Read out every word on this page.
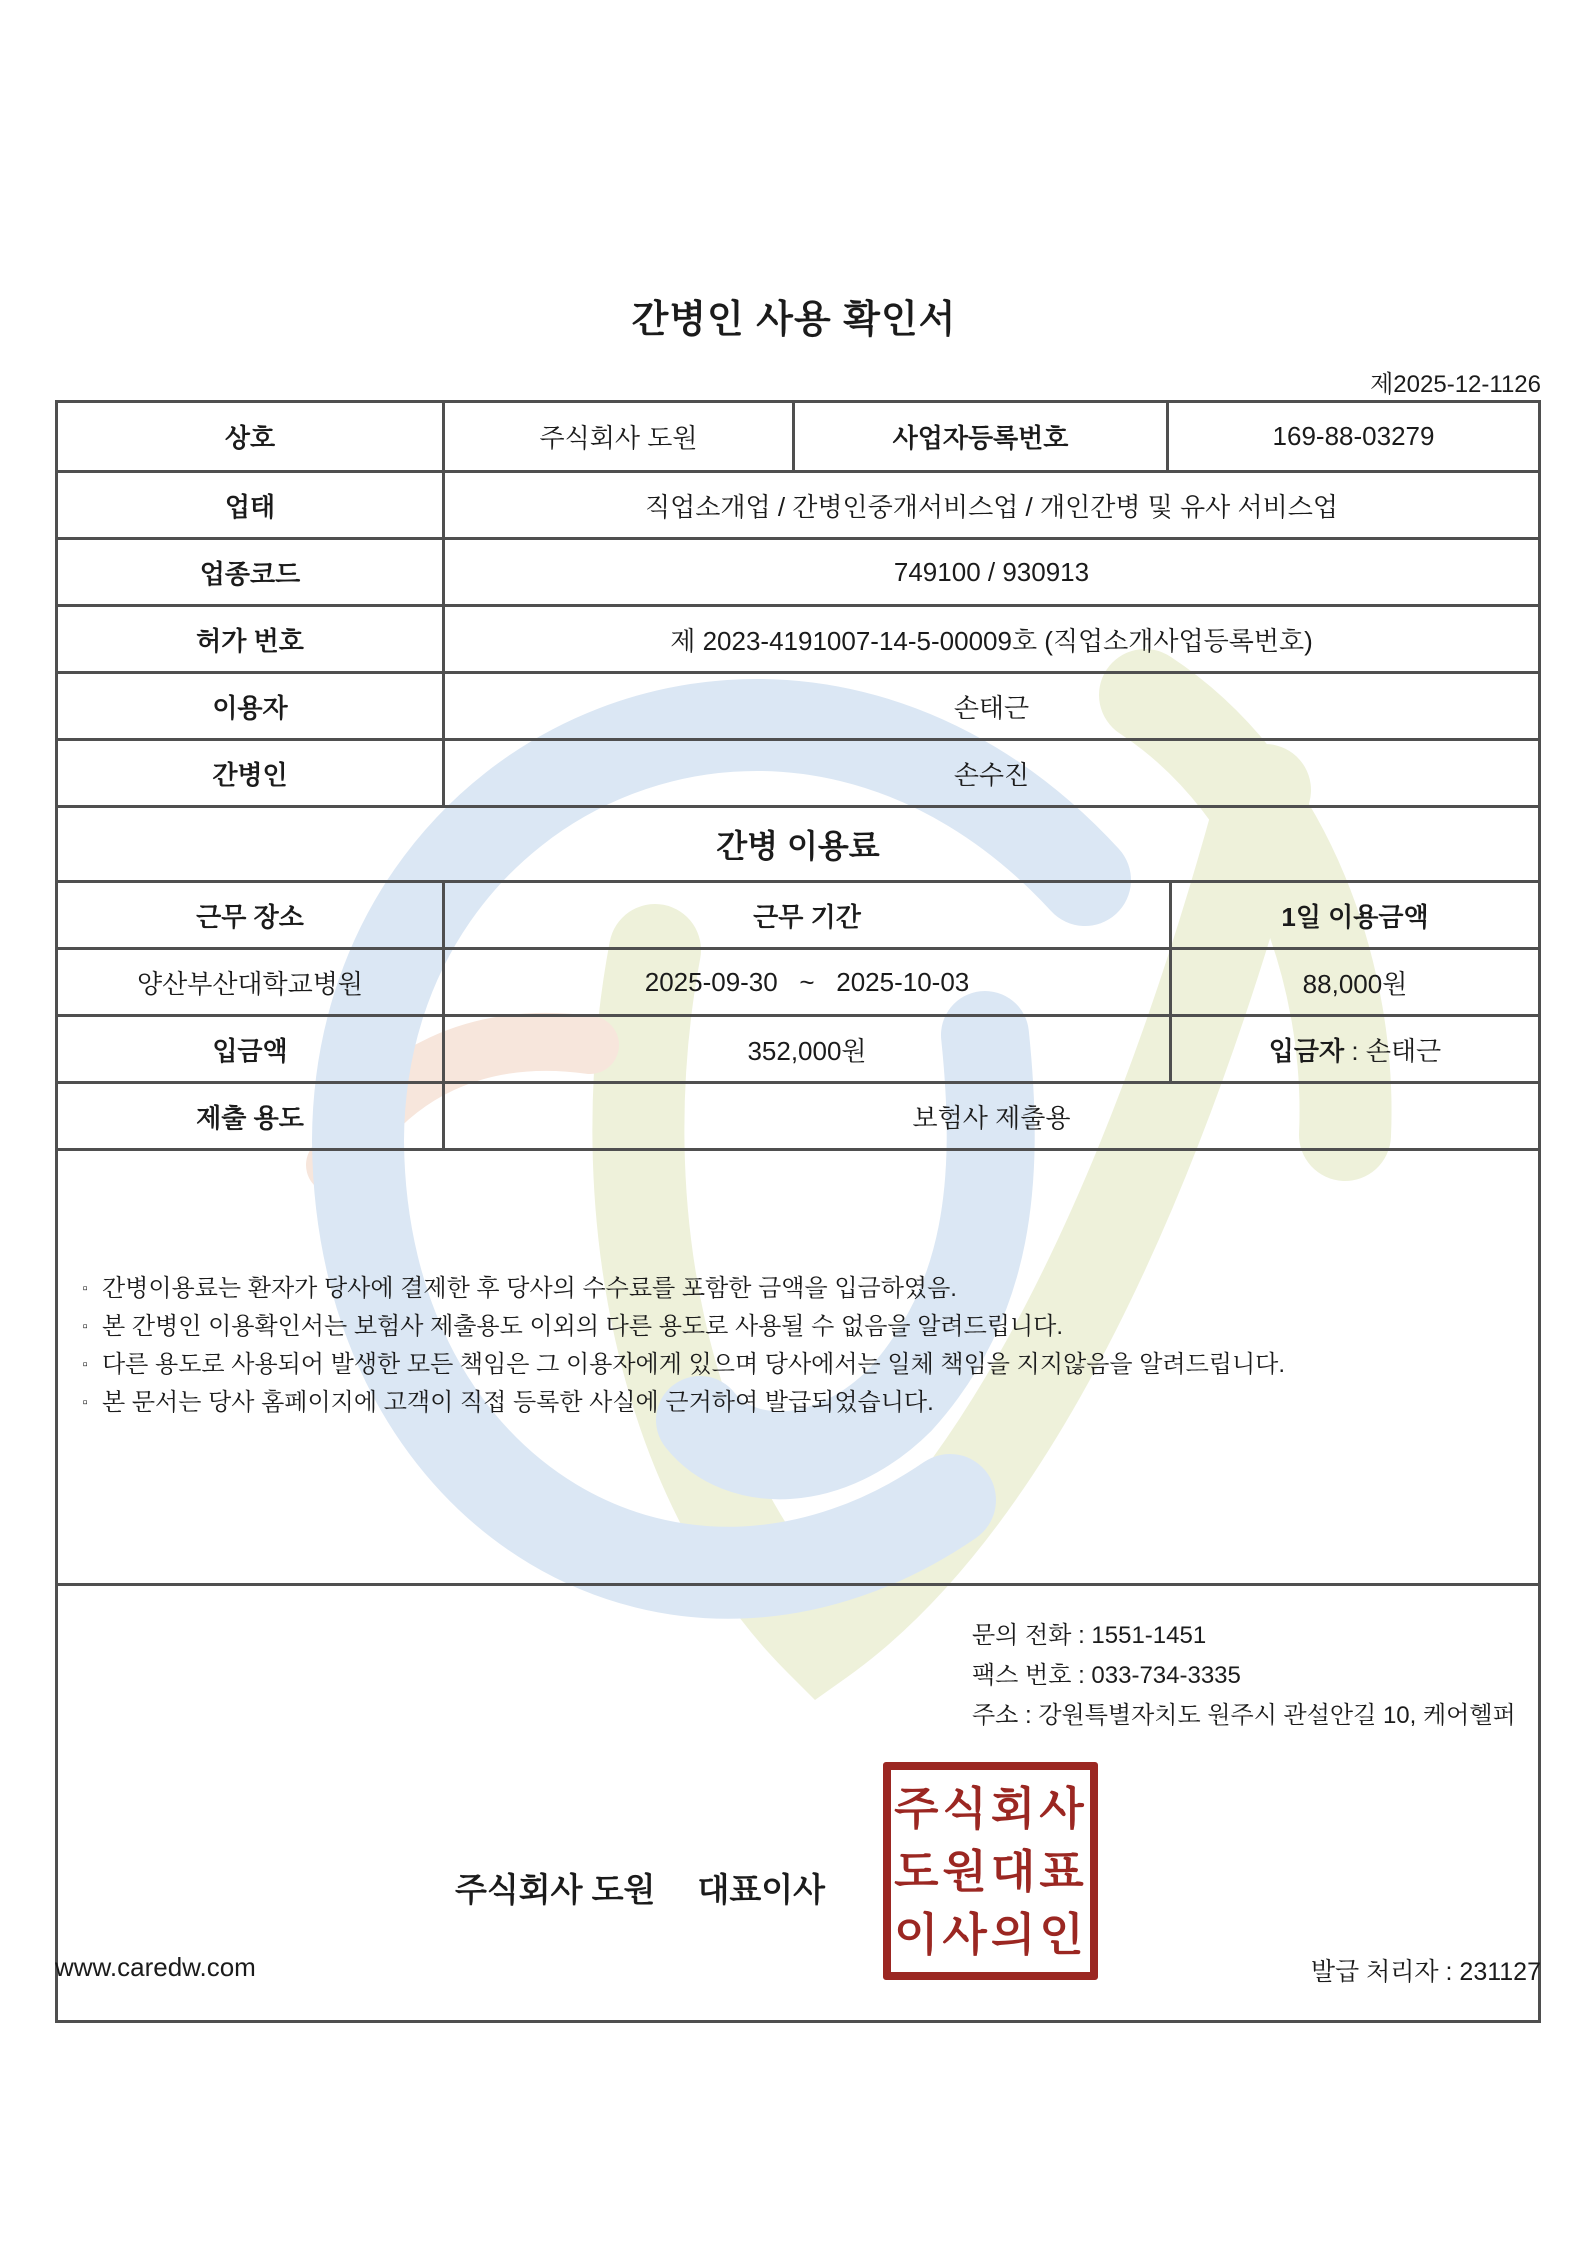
간병인 사용 확인서
제2025-12-1126
상호	주식회사 도원	사업자등록번호	169-88-03279
업태	직업소개업 / 간병인중개서비스업 / 개인간병 및 유사 서비스업
업종코드	749100 / 930913
허가 번호	제 2023-4191007-14-5-00009호 (직업소개사업등록번호)
이용자	손태근
간병인	손수진
간병 이용료
근무 장소	근무 기간	1일 이용금액
양산부산대학교병원	2025-09-30   ~   2025-10-03	88,000원
입금액	352,000원	입금자 : 손태근
제출 용도	보험사 제출용
▫ 간병이용료는 환자가 당사에 결제한 후 당사의 수수료를 포함한 금액을 입금하였음.
▫ 본 간병인 이용확인서는 보험사 제출용도 이외의 다른 용도로 사용될 수 없음을 알려드립니다.
▫ 다른 용도로 사용되어 발생한 모든 책임은 그 이용자에게 있으며 당사에서는 일체 책임을 지지않음을 알려드립니다.
▫ 본 문서는 당사 홈페이지에 고객이 직접 등록한 사실에 근거하여 발급되었습니다.
문의 전화 : 1551-1451
팩스 번호 : 033-734-3335
주소 : 강원특별자치도 원주시 관설안길 10, 케어헬퍼
주식회사 도원 대표이사
주식회사
도원대표
이사의인
www.caredw.com	발급 처리자 : 231127
